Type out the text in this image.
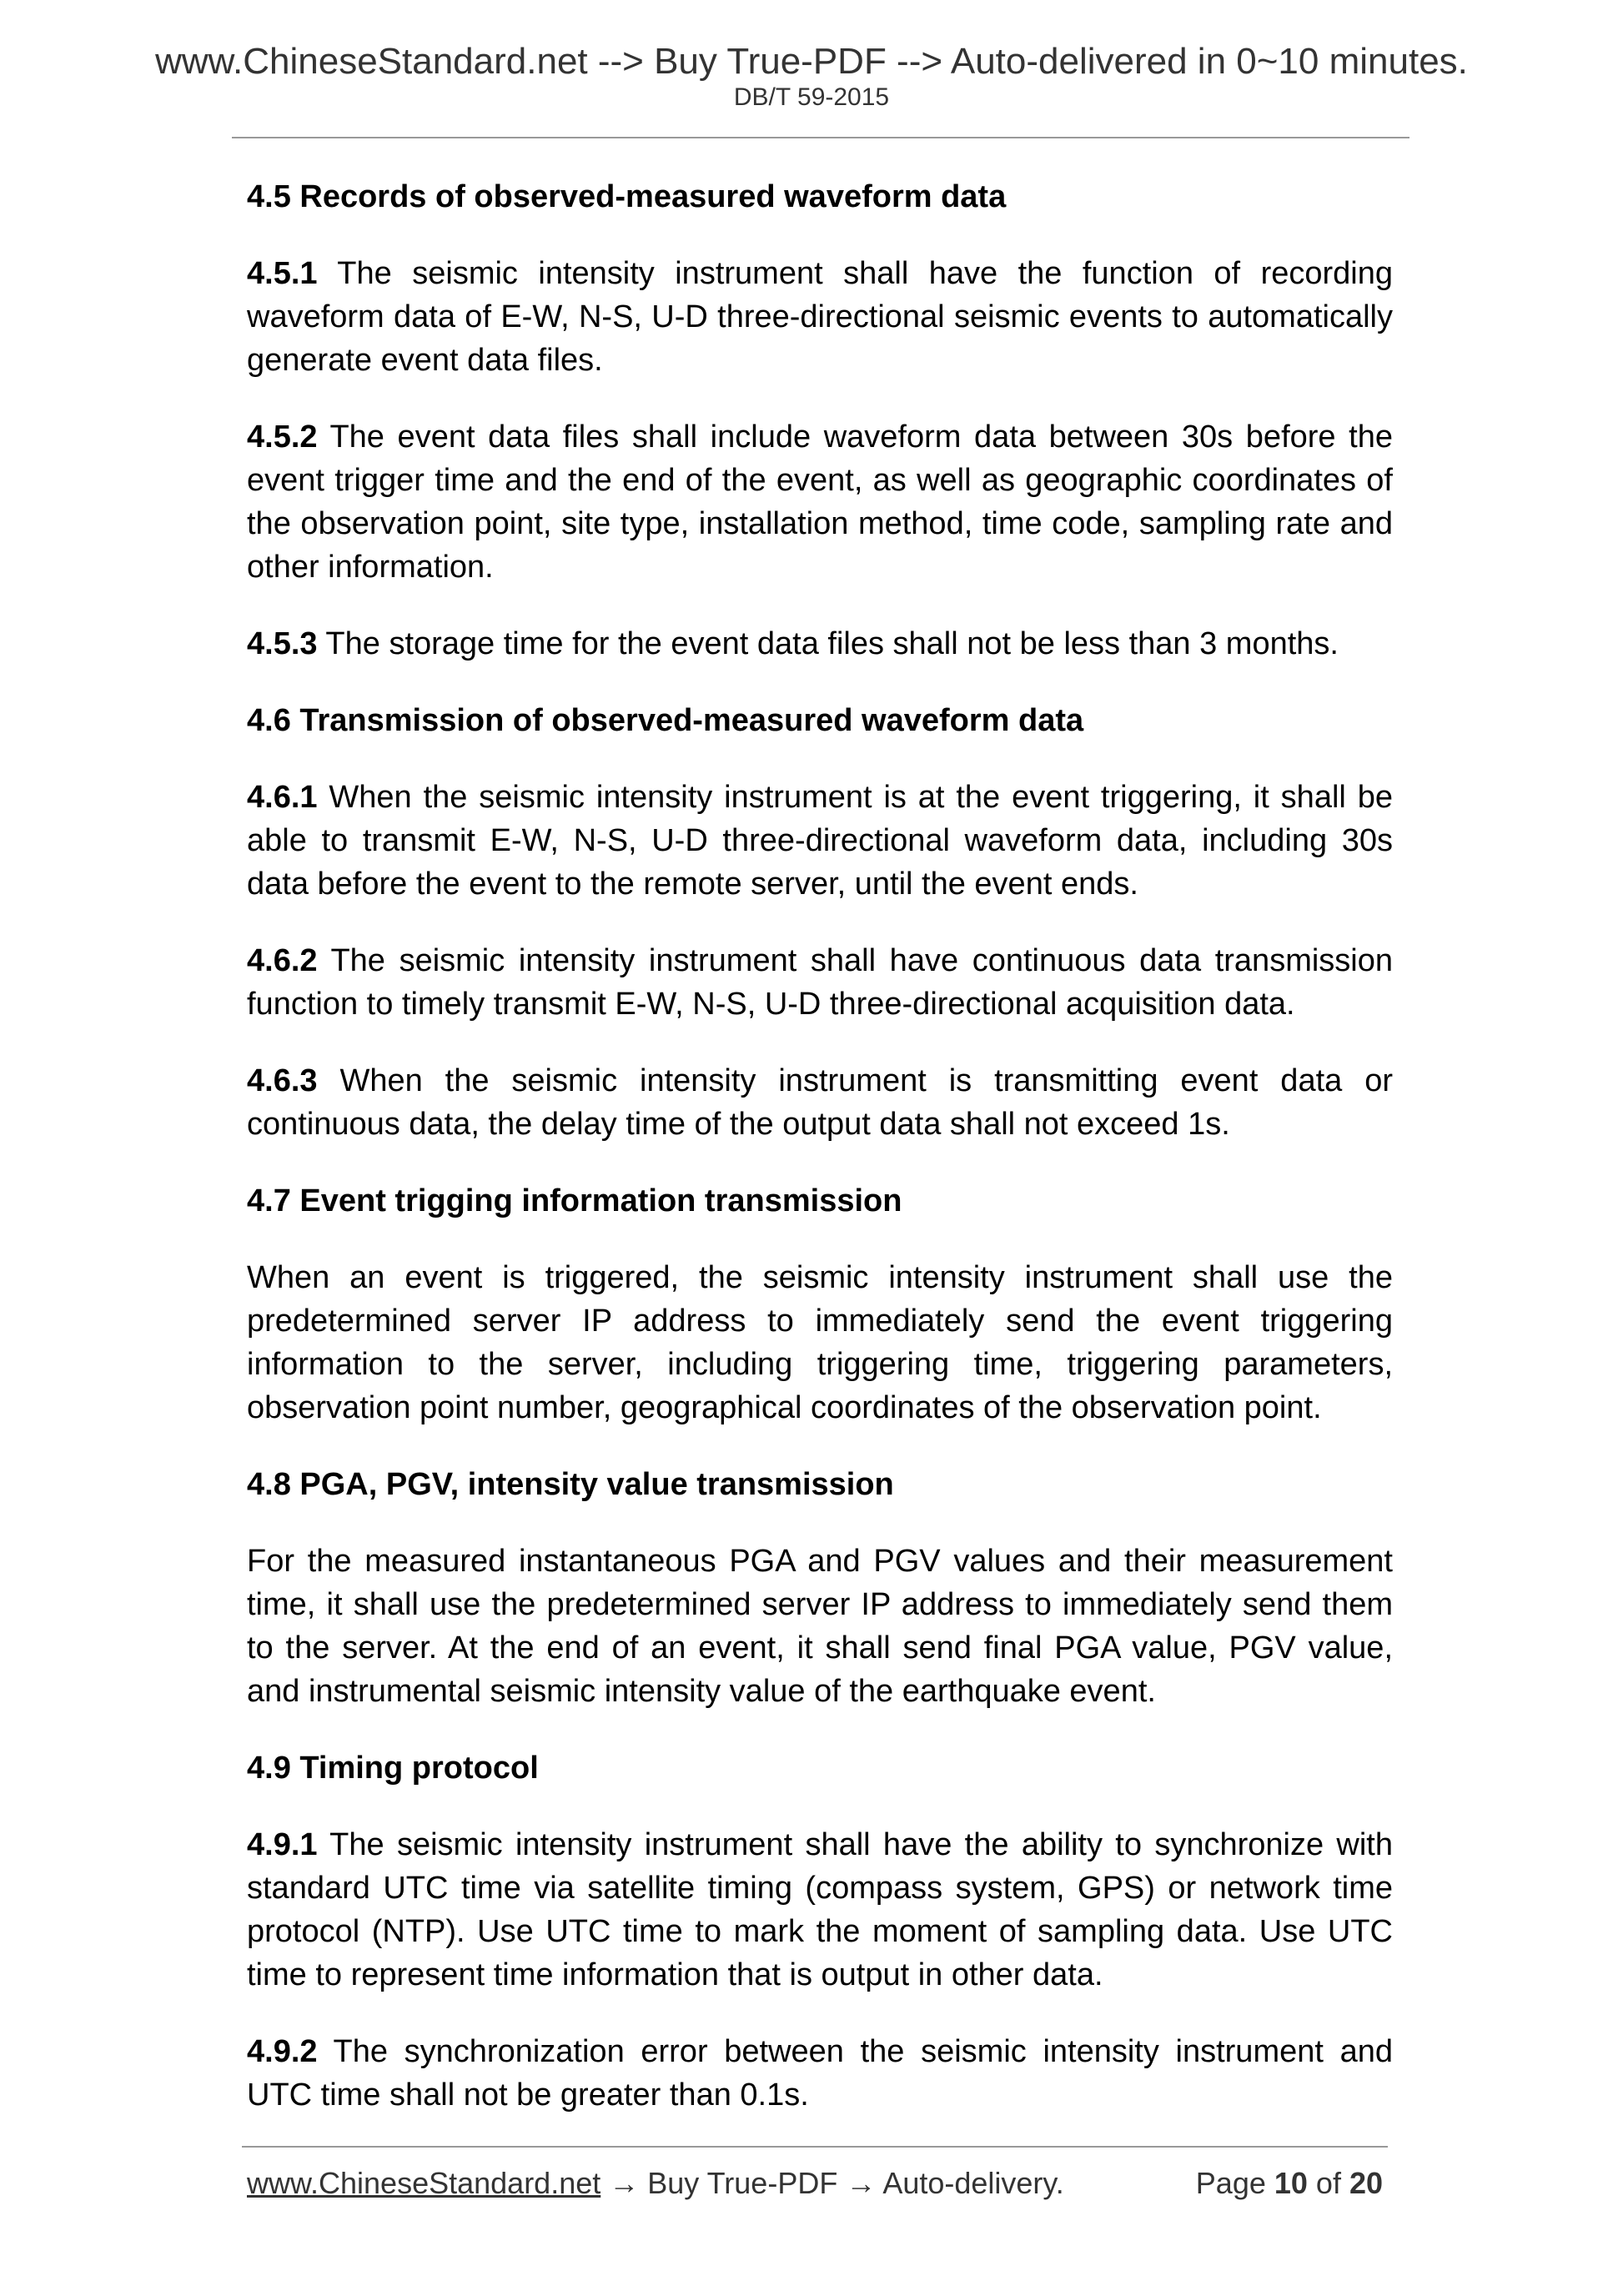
www.ChineseStandard.net --> Buy True-PDF --> Auto-delivered in 0~10 minutes.
DB/T 59-2015
4.5 Records of observed-measured waveform data
4.5.1 The seismic intensity instrument shall have the function of recording waveform data of E-W, N-S, U-D three-directional seismic events to automatically generate event data files.
4.5.2 The event data files shall include waveform data between 30s before the event trigger time and the end of the event, as well as geographic coordinates of the observation point, site type, installation method, time code, sampling rate and other information.
4.5.3 The storage time for the event data files shall not be less than 3 months.
4.6 Transmission of observed-measured waveform data
4.6.1 When the seismic intensity instrument is at the event triggering, it shall be able to transmit E-W, N-S, U-D three-directional waveform data, including 30s data before the event to the remote server, until the event ends.
4.6.2 The seismic intensity instrument shall have continuous data transmission function to timely transmit E-W, N-S, U-D three-directional acquisition data.
4.6.3 When the seismic intensity instrument is transmitting event data or continuous data, the delay time of the output data shall not exceed 1s.
4.7 Event trigging information transmission
When an event is triggered, the seismic intensity instrument shall use the predetermined server IP address to immediately send the event triggering information to the server, including triggering time, triggering parameters, observation point number, geographical coordinates of the observation point.
4.8 PGA, PGV, intensity value transmission
For the measured instantaneous PGA and PGV values and their measurement time, it shall use the predetermined server IP address to immediately send them to the server. At the end of an event, it shall send final PGA value, PGV value, and instrumental seismic intensity value of the earthquake event.
4.9 Timing protocol
4.9.1 The seismic intensity instrument shall have the ability to synchronize with standard UTC time via satellite timing (compass system, GPS) or network time protocol (NTP). Use UTC time to mark the moment of sampling data. Use UTC time to represent time information that is output in other data.
4.9.2 The synchronization error between the seismic intensity instrument and UTC time shall not be greater than 0.1s.
www.ChineseStandard.net → Buy True-PDF → Auto-delivery.	Page 10 of 20
